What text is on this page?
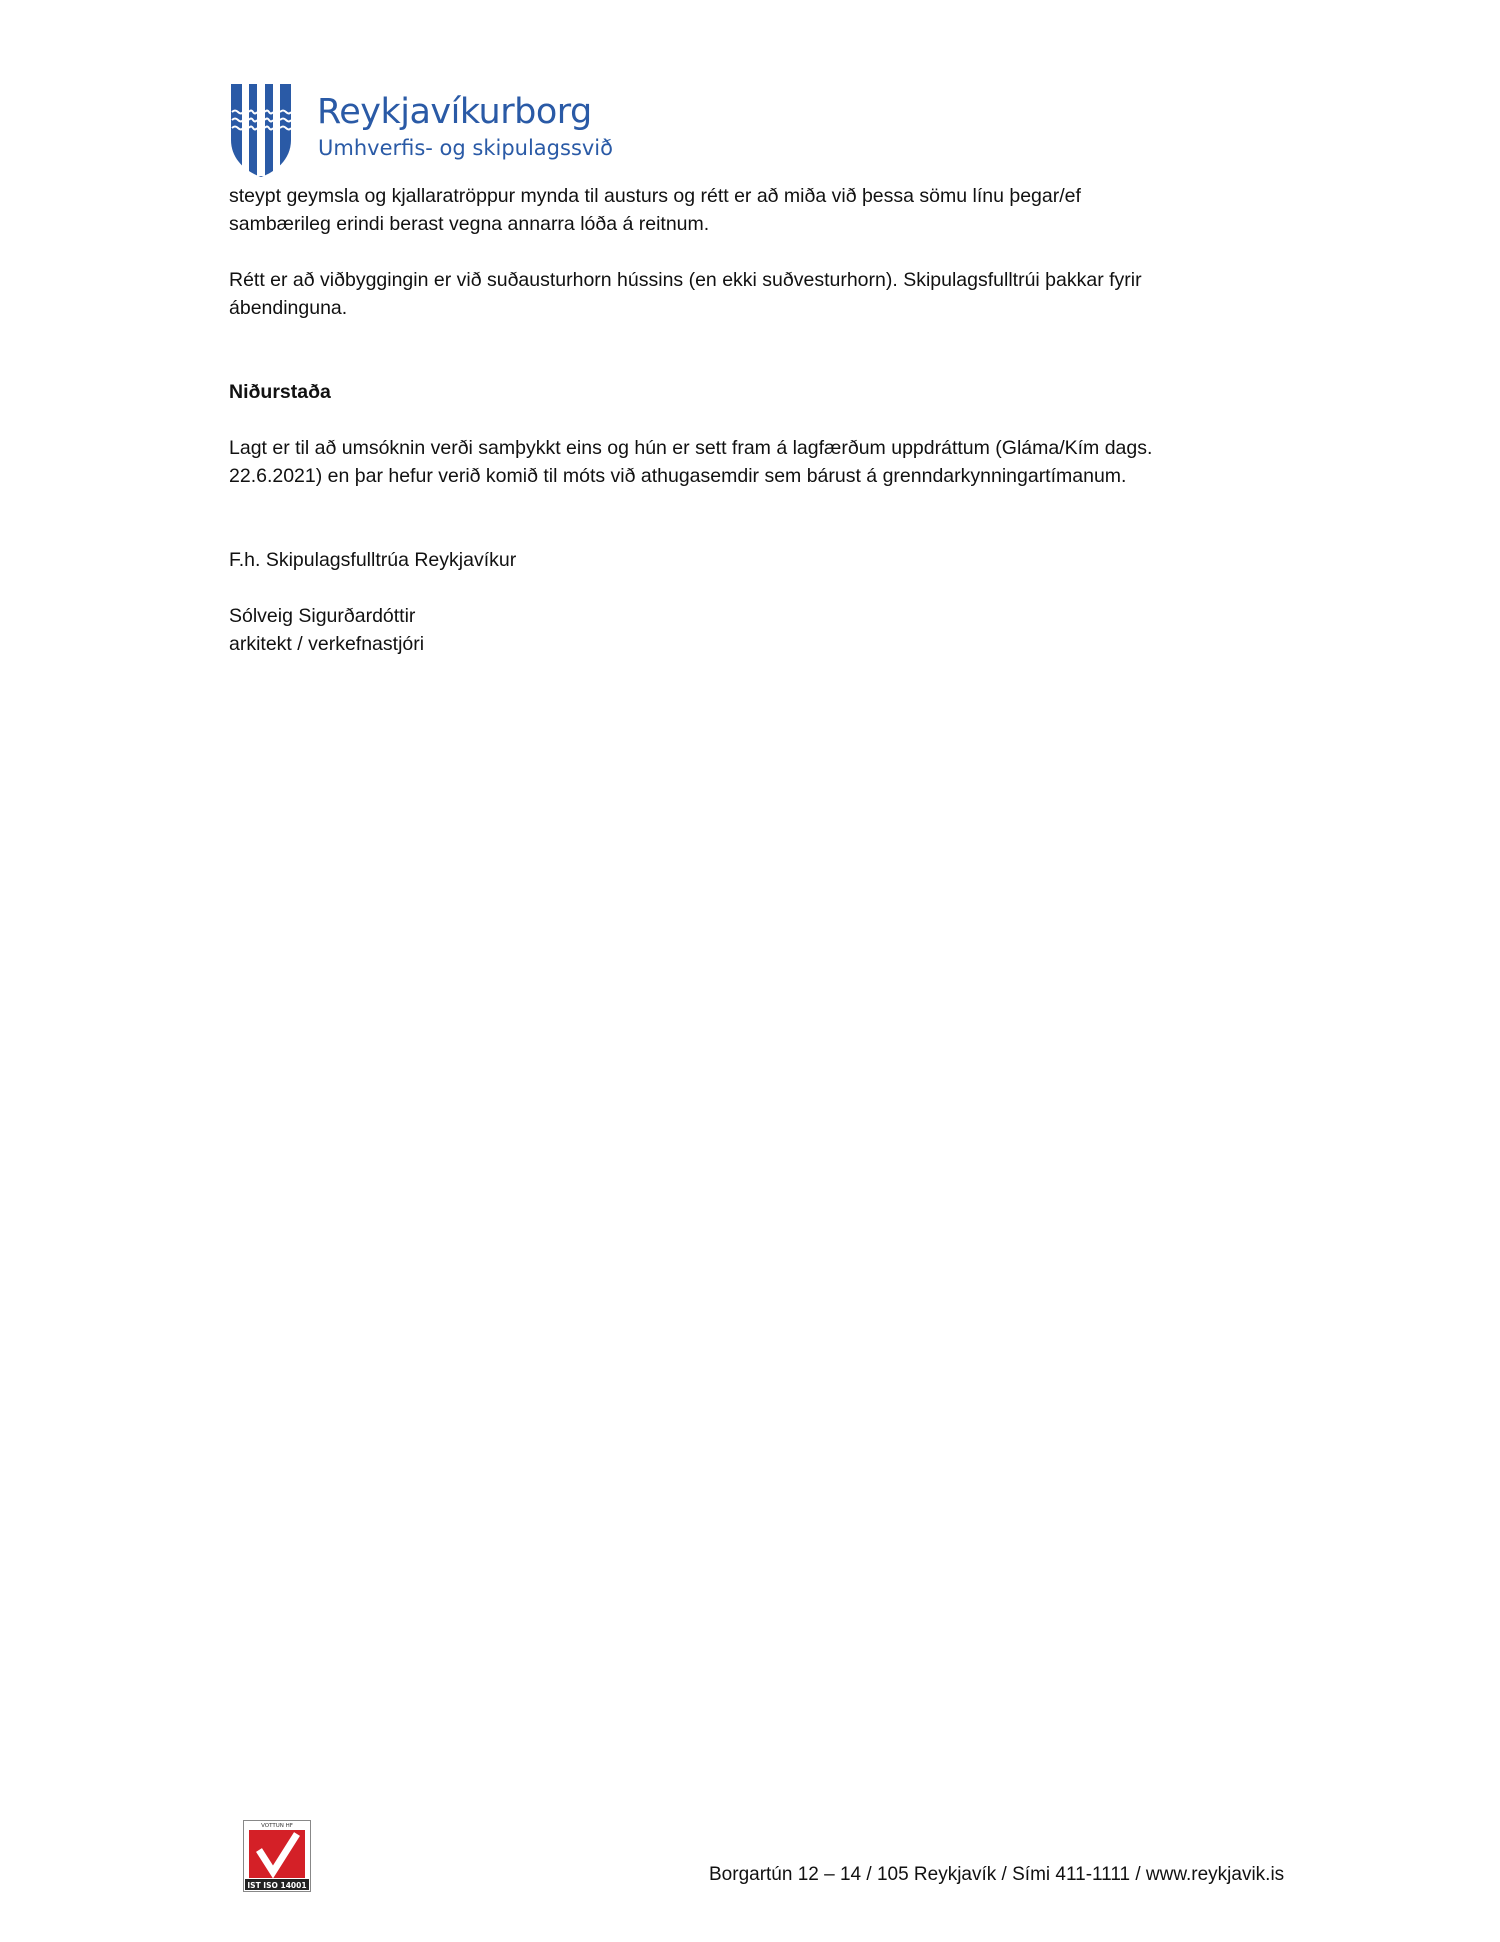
Reykjavíkurborg
Umhverfis- og skipulagssvið

steypt geymsla og kjallaratröppur mynda til austurs og rétt er að miða við þessa sömu línu þegar/ef

sambærileg erindi berast vegna annarra lóða á reitnum.

Rétt er að viðbyggingin er við suðausturhorn hússins (en ekki suðvesturhorn). Skipulagsfulltrúi þakkar fyrir

ábendinguna.

Niðurstaða

Lagt er til að umsóknin verði samþykkt eins og hún er sett fram á lagfærðum uppdráttum (Gláma/Kím dags.

22.6.2021) en þar hefur verið komið til móts við athugasemdir sem bárust á grenndarkynningartímanum.

F.h. Skipulagsfulltrúa Reykjavíkur

Sólveig Sigurðardóttir

arkitekt / verkefnastjóri

VOTTUN HF
IST ISO 14001
Borgartún 12 – 14 / 105 Reykjavík / Sími 411-1111 / www.reykjavik.is
